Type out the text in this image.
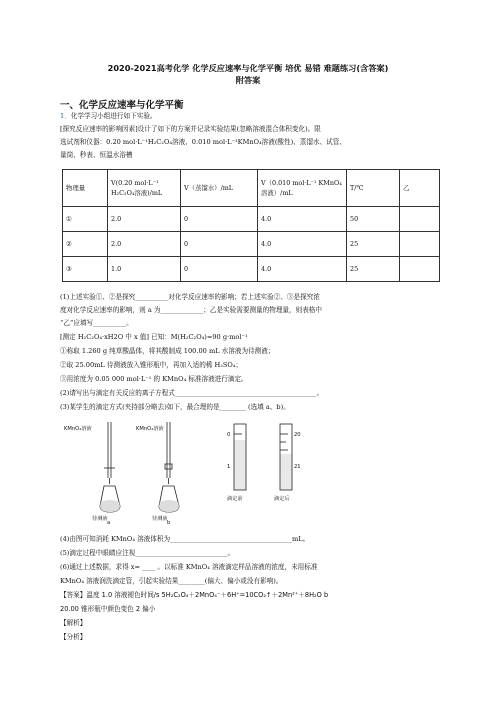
2020-2021高考化学 化学反应速率与化学平衡 培优 易错 难题练习(含答案)
附答案
一、化学反应速率与化学平衡
1．化学学习小组进行如下实验。
[探究反应速率的影响因素]设计了如下的方案并记录实验结果(忽略溶液混合体积变化)。限
选试剂和仪器：0.20 mol·L⁻¹H₂C₂O₄溶液、0.010 mol·L⁻¹KMnO₄溶液(酸性)、蒸馏水、试管、
量筒、秒表、恒温水浴槽
物理量	V(0.20 mol·L⁻¹ H₂C₂O₄溶液)/mL	V（蒸馏水）/mL	V（0.010 mol·L⁻¹ KMnO₄溶液）/mL	T/℃	乙
①	2.0	0	4.0	50	
②	2.0	0	4.0	25	
③	1.0	0	4.0	25	
(1)上述实验①、②是探究__________对化学反应速率的影响；若上述实验②、③是探究浓
度对化学反应速率的影响，则 a 为_____________；乙是实验需要测量的物理量，则表格中
“乙”应填写__________。
[测定 H₂C₂O₄·xH2O 中 x 值] 已知：M(H₂C₂O₄)=90 g·mol⁻¹
①称取 1.260 g 纯草酸晶体，将其酸制成 100.00 mL 水溶液为待测液；
②取 25.00mL 待测液放入锥形瓶中，再加入适的稀 H₂SO₄；
③用浓度为 0.05 000 mol·L⁻¹ 的 KMnO₄ 标准溶液进行滴定。
(2)请写出与滴定有关反应的离子方程式___________________________________________。
(3)某学生的滴定方式(夹持部分略去)如下，最合理的是________ (选填 a、b)。
KMnO₄溶液	KMnO₄溶液
待测液	待测液
a	b
0
1
20
21
滴定前	滴定后
(4)由图可知消耗 KMnO₄ 溶液体积为_____________________________________mL。
(5)滴定过程中眼睛应注视____________________________。
(6)通过上述数据，求得 x= ____ 。以标准 KMnO₄ 溶液滴定样品溶液的浓度，未用标准
KMnO₄ 溶液润洗滴定管，引起实验结果________(偏大、偏小或没有影响)。
【答案】温度 1.0 溶液褪色时间/s 5H₂C₂O₄＋2MnO₄⁻＋6H⁺=10CO₂↑＋2Mn²⁺＋8H₂O b
20.00 锥形瓶中颜色变色 2 偏小
【解析】
【分析】
